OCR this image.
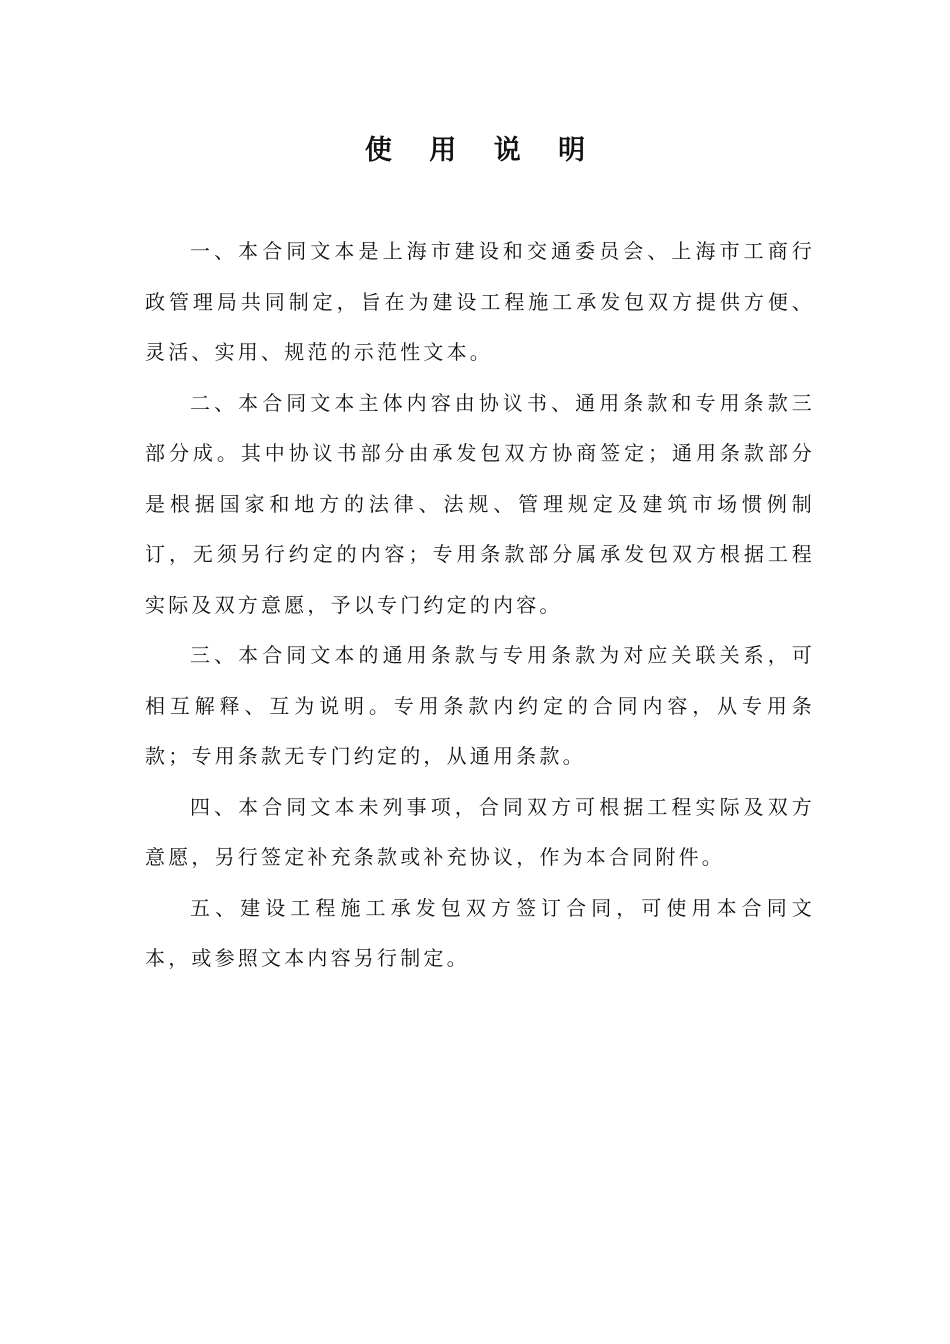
使 用 说 明

一、本合同文本是上海市建设和交通委员会、上海市工商行政管理局共同制定，旨在为建设工程施工承发包双方提供方便、灵活、实用、规范的示范性文本。

二、本合同文本主体内容由协议书、通用条款和专用条款三部分成。其中协议书部分由承发包双方协商签定；通用条款部分是根据国家和地方的法律、法规、管理规定及建筑市场惯例制订，无须另行约定的内容；专用条款部分属承发包双方根据工程实际及双方意愿，予以专门约定的内容。

三、本合同文本的通用条款与专用条款为对应关联关系，可相互解释、互为说明。专用条款内约定的合同内容，从专用条款；专用条款无专门约定的，从通用条款。

四、本合同文本未列事项，合同双方可根据工程实际及双方意愿，另行签定补充条款或补充协议，作为本合同附件。

五、建设工程施工承发包双方签订合同，可使用本合同文本，或参照文本内容另行制定。
